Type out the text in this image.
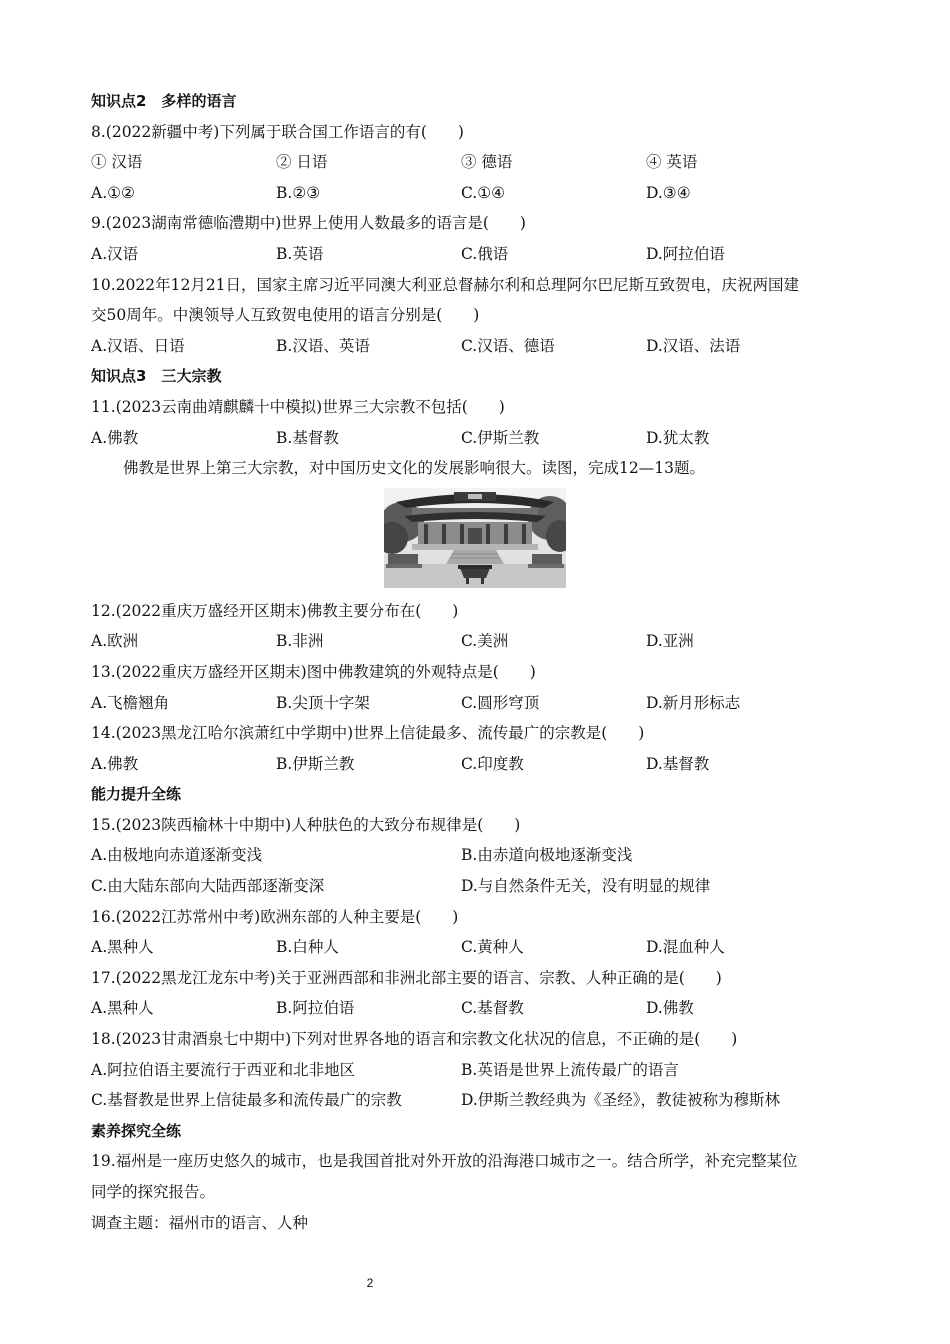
知识点2　多样的语言
8.(2022新疆中考)下列属于联合国工作语言的有(　　)
① 汉语	② 日语	③ 德语	④ 英语
A.①②	B.②③	C.①④	D.③④
9.(2023湖南常德临澧期中)世界上使用人数最多的语言是(　　)
A.汉语	B.英语	C.俄语	D.阿拉伯语
10.2022年12月21日，国家主席习近平同澳大利亚总督赫尔利和总理阿尔巴尼斯互致贺电，庆祝两国建
交50周年。中澳领导人互致贺电使用的语言分别是(　　)
A.汉语、日语	B.汉语、英语	C.汉语、德语	D.汉语、法语
知识点3　三大宗教
11.(2023云南曲靖麒麟十中模拟)世界三大宗教不包括(　　)
A.佛教	B.基督教	C.伊斯兰教	D.犹太教
佛教是世界上第三大宗教，对中国历史文化的发展影响很大。读图，完成12—13题。
12.(2022重庆万盛经开区期末)佛教主要分布在(　　)
A.欧洲	B.非洲	C.美洲	D.亚洲
13.(2022重庆万盛经开区期末)图中佛教建筑的外观特点是(　　)
A.飞檐翘角	B.尖顶十字架	C.圆形穹顶	D.新月形标志
14.(2023黑龙江哈尔滨萧红中学期中)世界上信徒最多、流传最广的宗教是(　　)
A.佛教	B.伊斯兰教	C.印度教	D.基督教
能力提升全练
15.(2023陕西榆林十中期中)人种肤色的大致分布规律是(　　)
A.由极地向赤道逐渐变浅	B.由赤道向极地逐渐变浅
C.由大陆东部向大陆西部逐渐变深	D.与自然条件无关，没有明显的规律
16.(2022江苏常州中考)欧洲东部的人种主要是(　　)
A.黑种人	B.白种人	C.黄种人	D.混血种人
17.(2022黑龙江龙东中考)关于亚洲西部和非洲北部主要的语言、宗教、人种正确的是(　　)
A.黑种人	B.阿拉伯语	C.基督教	D.佛教
18.(2023甘肃酒泉七中期中)下列对世界各地的语言和宗教文化状况的信息，不正确的是(　　)
A.阿拉伯语主要流行于西亚和北非地区	B.英语是世界上流传最广的语言
C.基督教是世界上信徒最多和流传最广的宗教	D.伊斯兰教经典为《圣经》，教徒被称为穆斯林
素养探究全练
19.福州是一座历史悠久的城市，也是我国首批对外开放的沿海港口城市之一。结合所学，补充完整某位
同学的探究报告。
调查主题：福州市的语言、人种
2
